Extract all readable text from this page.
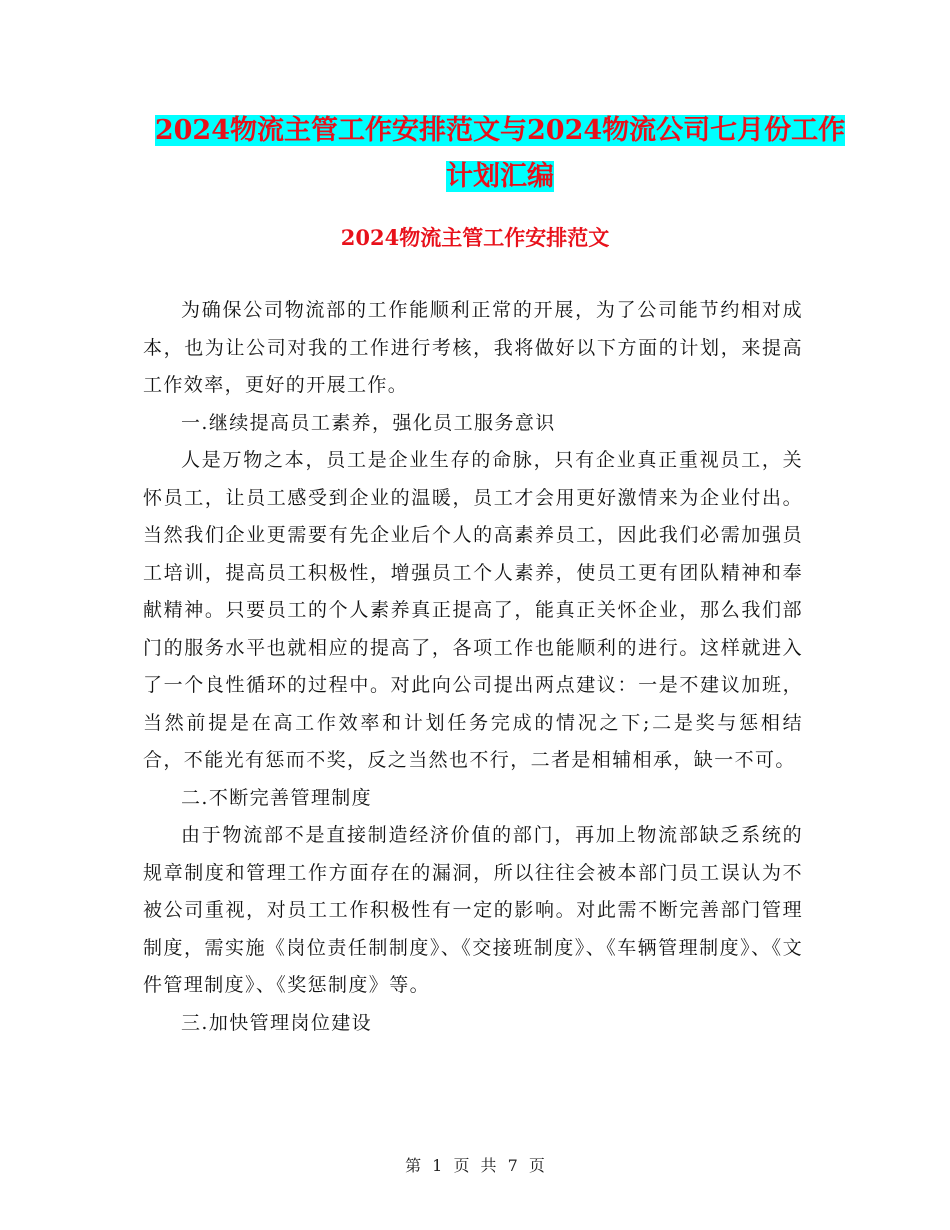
2024物流主管工作安排范文与2024物流公司七月份工作计划汇编
2024物流主管工作安排范文

为确保公司物流部的工作能顺利正常的开展，为了公司能节约相对成本，也为让公司对我的工作进行考核，我将做好以下方面的计划，来提高工作效率，更好的开展工作。

一.继续提高员工素养，强化员工服务意识

人是万物之本，员工是企业生存的命脉，只有企业真正重视员工，关怀员工，让员工感受到企业的温暖，员工才会用更好激情来为企业付出。当然我们企业更需要有先企业后个人的高素养员工，因此我们必需加强员工培训，提高员工积极性，增强员工个人素养，使员工更有团队精神和奉献精神。只要员工的个人素养真正提高了，能真正关怀企业，那么我们部门的服务水平也就相应的提高了，各项工作也能顺利的进行。这样就进入了一个良性循环的过程中。对此向公司提出两点建议：一是不建议加班，当然前提是在高工作效率和计划任务完成的情况之下;二是奖与惩相结合，不能光有惩而不奖，反之当然也不行，二者是相辅相承，缺一不可。

二.不断完善管理制度

由于物流部不是直接制造经济价值的部门，再加上物流部缺乏系统的规章制度和管理工作方面存在的漏洞，所以往往会被本部门员工误认为不被公司重视，对员工工作积极性有一定的影响。对此需不断完善部门管理制度，需实施《岗位责任制制度》、《交接班制度》、《车辆管理制度》、《文件管理制度》、《奖惩制度》等。

三.加快管理岗位建设

第 1 页 共 7 页
